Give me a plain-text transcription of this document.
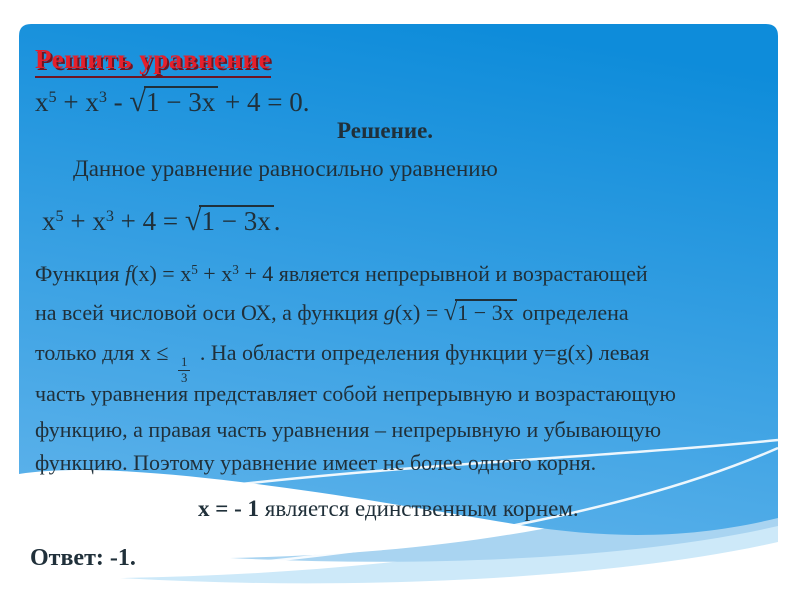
Решить уравнение
$x^5 + x^3 - √1 - 3x + 4 = 0$.
Решение.
Данное уравнение равносильно уравнению
$x^5 + x^3 + 4 = √1 - 3x$ .
Функция $f(x) = x^5 + x^3 + 4$ является непрерывной и возрастающей
на всей числовой оси ОХ, а функция g(x) = √1 − 3x определена
только для x ≤
$\frac{1}{3}$
. На области определения функции y=g(x) левая
часть уравнения представляет собой непрерывную и возрастающую
функцию, а правая часть уравнения – непрерывную и убывающую
функцию. Поэтому уравнение имеет не более одного корня.
x = - 1 является единственным корнем.
Ответ: -1.
